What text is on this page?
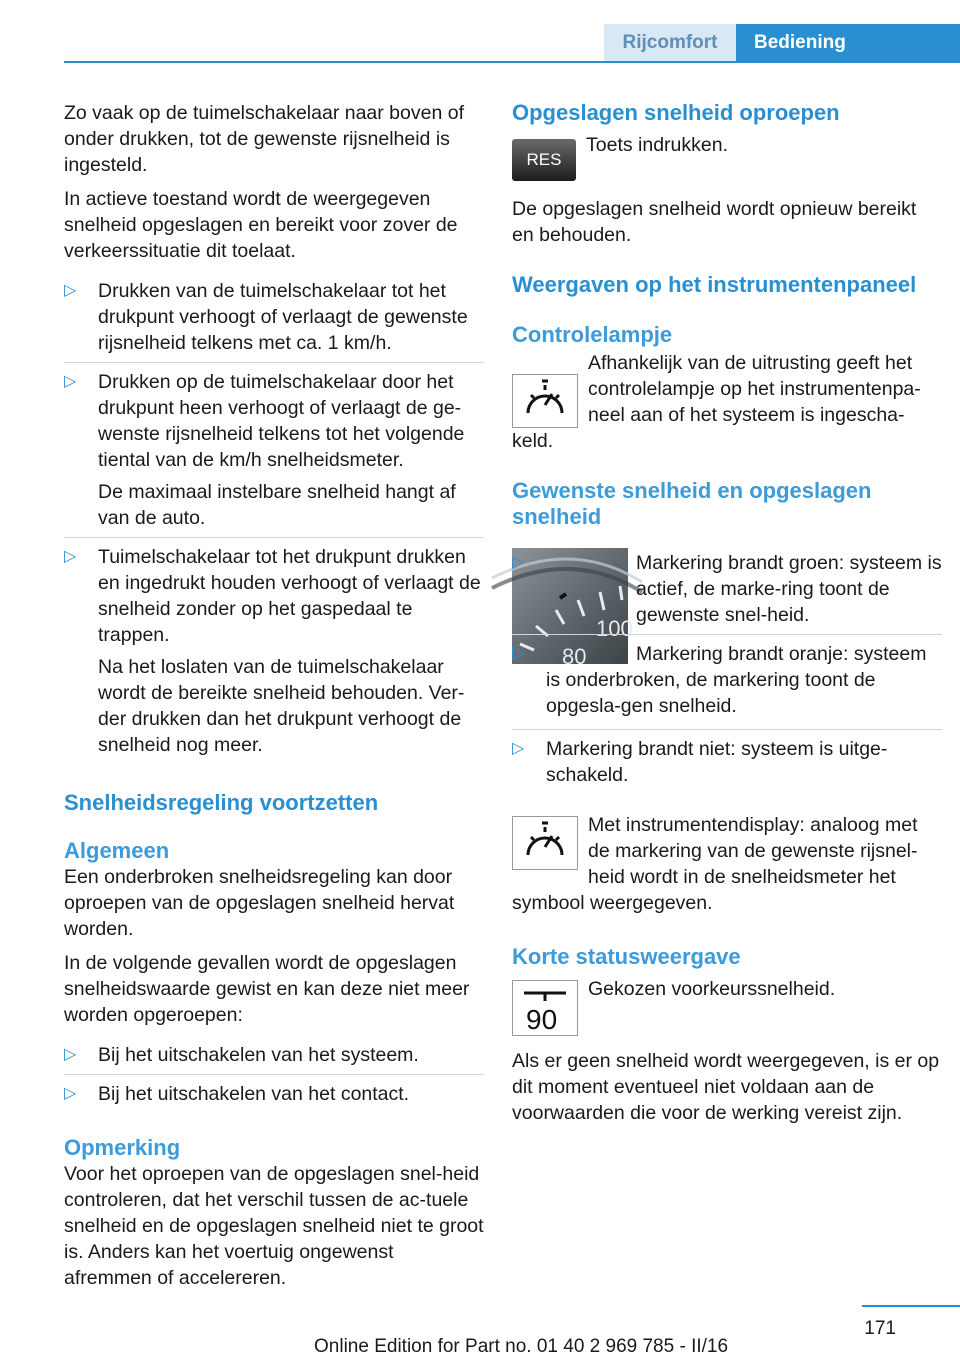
Rijcomfort	Bediening

Zo vaak op de tuimelschakelaar naar boven of onder drukken, tot de gewenste rijsnelheid is ingesteld.

In actieve toestand wordt de weergegeven snelheid opgeslagen en bereikt voor zover de verkeerssituatie dit toelaat.

▷ Drukken van de tuimelschakelaar tot het drukpunt verhoogt of verlaagt de gewenste rijsnelheid telkens met ca. 1 km/h.

▷ Drukken op de tuimelschakelaar door het drukpunt heen verhoogt of verlaagt de ge-wenste rijsnelheid telkens tot het volgende tiental van de km/h snelheidsmeter.

De maximaal instelbare snelheid hangt af van de auto.

▷ Tuimelschakelaar tot het drukpunt drukken en ingedrukt houden verhoogt of verlaagt de snelheid zonder op het gaspedaal te trappen.

Na het loslaten van de tuimelschakelaar wordt de bereikte snelheid behouden. Ver-der drukken dan het drukpunt verhoogt de snelheid nog meer.

Snelheidsregeling voortzetten
Algemeen

Een onderbroken snelheidsregeling kan door oproepen van de opgeslagen snelheid hervat worden.

In de volgende gevallen wordt de opgeslagen snelheidswaarde gewist en kan deze niet meer worden opgeroepen:

▷ Bij het uitschakelen van het systeem.

▷ Bij het uitschakelen van het contact.

Opmerking

Voor het oproepen van de opgeslagen snel-heid controleren, dat het verschil tussen de ac-tuele snelheid en de opgeslagen snelheid niet te groot is. Anders kan het voertuig ongewenst afremmen of accelereren.

Opgeslagen snelheid oproepen
RES

Toets indrukken.

De opgeslagen snelheid wordt opnieuw bereikt en behouden.

Weergaven op het instrumentenpaneel
Controlelampje

Afhankelijk van de uitrusting geeft het controlelampje op het instrumentenpa-neel aan of het systeem is ingescha-keld.

Gewenste snelheid en opgeslagen snelheid
100
80
▷	Markering brandt groen: systeem is actief, de marke-ring toont de gewenste snel-heid.

▷	Markering brandt oranje: systeem is onderbroken, de markering toont de opgesla-gen snelheid.

▷ Markering brandt niet: systeem is uitge-schakeld.

Met instrumentendisplay: analoog met de markering van de gewenste rijsnel-heid wordt in de snelheidsmeter het symbool weergegeven.

Korte statusweergave
90

Gekozen voorkeurssnelheid.

Als er geen snelheid wordt weergegeven, is er op dit moment eventueel niet voldaan aan de voorwaarden die voor de werking vereist zijn.

171
Online Edition for Part no. 01 40 2 969 785 - II/16
